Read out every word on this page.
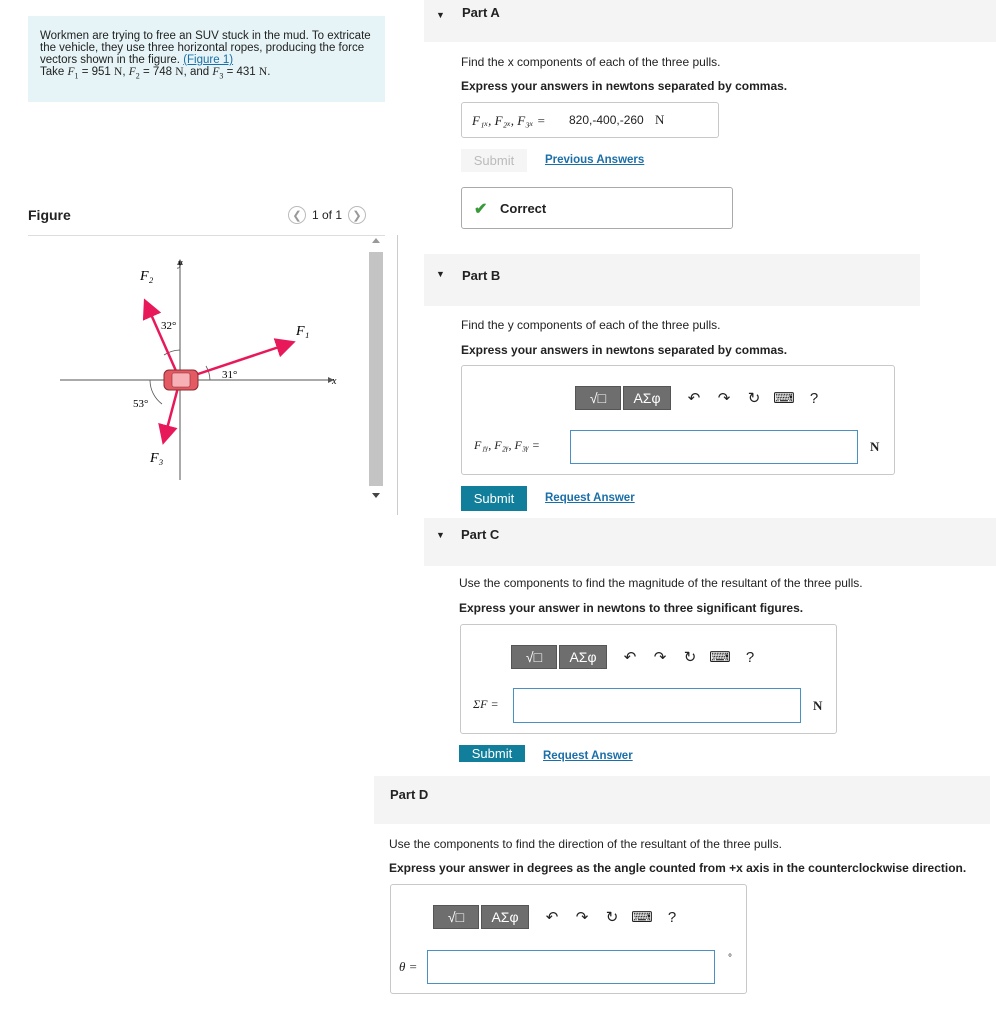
Workmen are trying to free an SUV stuck in the mud. To extricate the vehicle, they use three horizontal ropes, producing the force vectors shown in the figure. (Figure 1)
Take $F_1 = 951$ N, $F_2 = 748$ N, and $F_3 = 431$ N.
Figure	❮ 1 of 1 ❯
F₂
F₁
F₃
y
x
32°
31°
53°
▼ Part A
Find the x components of each of the three pulls.
Express your answers in newtons separated by commas.
F₁ₓ, F₂ₓ, F₃ₓ = 820,-400,-260 N
Submit	Previous Answers
✔ Correct
▼ Part B
Find the y components of each of the three pulls.
Express your answers in newtons separated by commas.
√□	ΑΣφ	↶	↷	↻ ⌨	?
F₁ᵧ, F₂ᵧ, F₃ᵧ =	N
Submit	Request Answer
▼ Part C
Use the components to find the magnitude of the resultant of the three pulls.
Express your answer in newtons to three significant figures.
√□	ΑΣφ	↶	↷	↻ ⌨	?
ΣF =	N
Submit	Request Answer
Part D
Use the components to find the direction of the resultant of the three pulls.
Express your answer in degrees as the angle counted from +x axis in the counterclockwise direction.
√□	ΑΣφ	↶	↷	↻ ⌨	?
θ =
°
